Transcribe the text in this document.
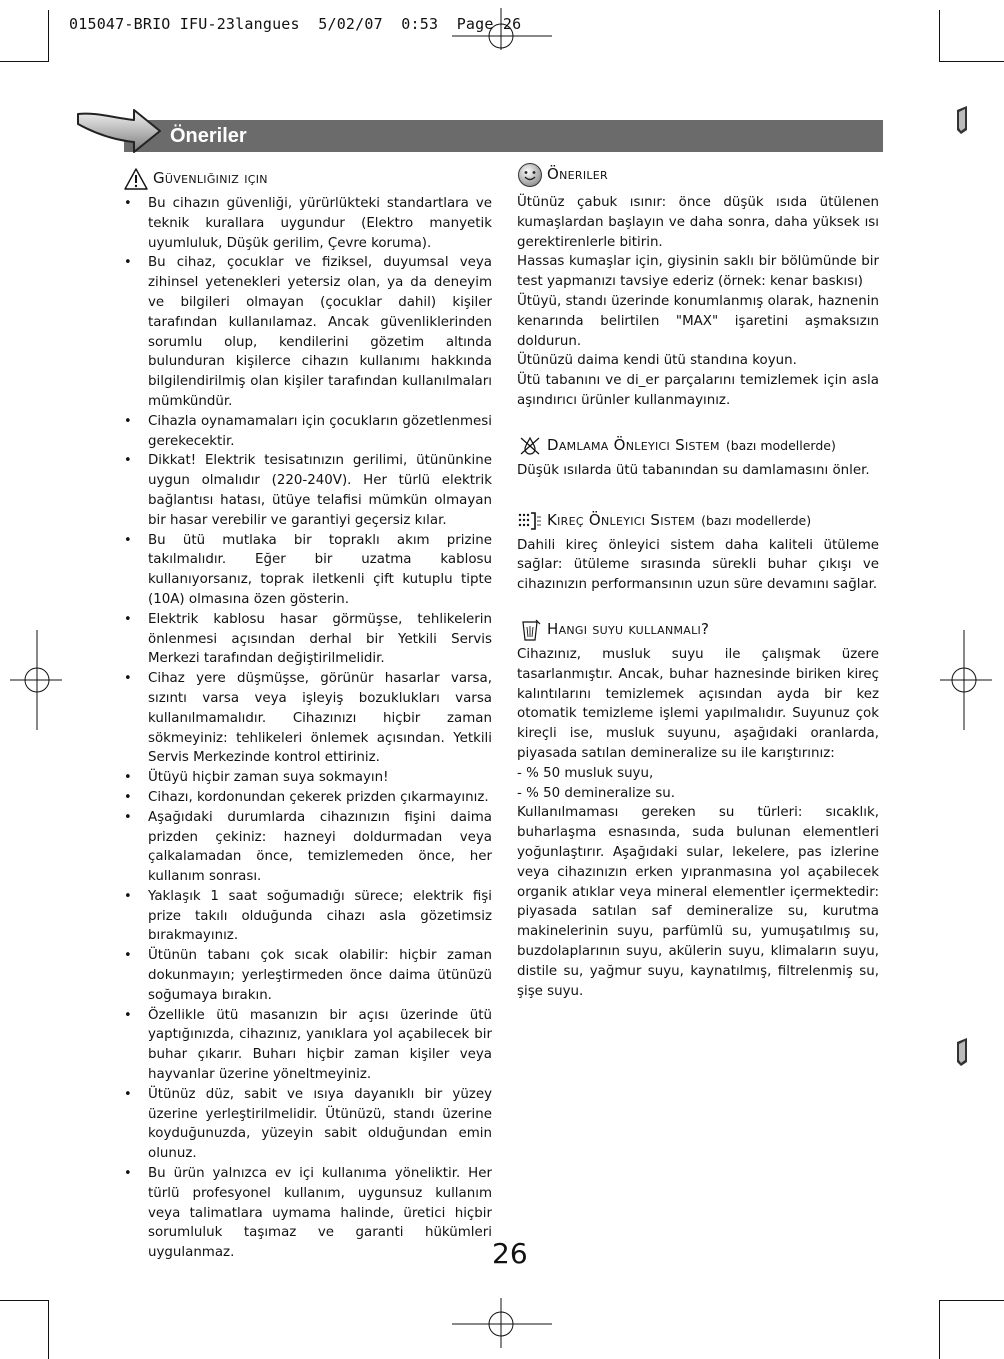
015047-BRIO IFU-23langues  5/02/07  0:53  Page 26
Öneriler
Güvenliğiniz için
• Bu cihazın güvenliği, yürürlükteki standartlara ve teknik kurallara uygundur (Elektro manyetik uyumluluk, Düşük gerilim, Çevre koruma).
• Bu cihaz, çocuklar ve fiziksel, duyumsal veya zihinsel yetenekleri yetersiz olan, ya da deneyim ve bilgileri olmayan (çocuklar dahil) kişiler tarafından kullanılamaz. Ancak güvenliklerinden sorumlu olup, kendilerini gözetim altında bulunduran kişilerce cihazın kullanımı hakkında bilgilendirilmiş olan kişiler tarafından kullanılmaları mümkündür.
• Cihazla oynamamaları için çocukların gözetlenmesi gerekecektir.
• Dikkat! Elektrik tesisatınızın gerilimi, ütününkine uygun olmalıdır (220-240V). Her türlü elektrik bağlantısı hatası, ütüye telafisi mümkün olmayan bir hasar verebilir ve garantiyi geçersiz kılar.
• Bu ütü mutlaka bir topraklı akım prizine takılmalıdır. Eğer bir uzatma kablosu kullanıyorsanız, toprak iletkenli çift kutuplu tipte (10A) olmasına özen gösterin.
• Elektrik kablosu hasar görmüşse, tehlikelerin önlenmesi açısından derhal bir Yetkili Servis Merkezi tarafından değiştirilmelidir.
• Cihaz yere düşmüşse, görünür hasarlar varsa, sızıntı varsa veya işleyiş bozuklukları varsa kullanılmamalıdır. Cihazınızı hiçbir zaman sökmeyiniz: tehlikeleri önlemek açısından. Yetkili Servis Merkezinde kontrol ettiriniz.
• Ütüyü hiçbir zaman suya sokmayın!
• Cihazı, kordonundan çekerek prizden çıkarmayınız.
• Aşağıdaki durumlarda cihazınızın fişini daima prizden çekiniz: hazneyi doldurmadan veya çalkalamadan önce, temizlemeden önce, her kullanım sonrası.
• Yaklaşık 1 saat soğumadığı sürece; elektrik fişi prize takılı olduğunda cihazı asla gözetimsiz bırakmayınız.
• Ütünün tabanı çok sıcak olabilir: hiçbir zaman dokunmayın; yerleştirmeden önce daima ütünüzü soğumaya bırakın.
• Özellikle ütü masanızın bir açısı üzerinde ütü yaptığınızda, cihazınız, yanıklara yol açabilecek bir buhar çıkarır. Buharı hiçbir zaman kişiler veya hayvanlar üzerine yöneltmeyiniz.
• Ütünüz düz, sabit ve ısıya dayanıklı bir yüzey üzerine yerleştirilmelidir. Ütünüzü, standı üzerine koyduğunuzda, yüzeyin sabit olduğundan emin olunuz.
• Bu ürün yalnızca ev içi kullanıma yöneliktir. Her türlü profesyonel kullanım, uygunsuz kullanım veya talimatlara uymama halinde, üretici hiçbir sorumluluk taşımaz ve garanti hükümleri uygulanmaz.
Öneriler

Ütünüz çabuk ısınır: önce düşük ısıda ütülenen kumaşlardan başlayın ve daha sonra, daha yüksek ısı gerektirenlerle bitirin.

Hassas kumaşlar için, giysinin saklı bir bölümünde bir test yapmanızı tavsiye ederiz (örnek: kenar baskısı)

Ütüyü, standı üzerinde konumlanmış olarak, haznenin kenarında belirtilen "MAX" işaretini aşmaksızın doldurun.

Ütünüzü daima kendi ütü standına koyun.

Ütü tabanını ve di_er parçalarını temizlemek için asla aşındırıcı ürünler kullanmayınız.

Damlama Önleyici Sistem (bazı modellerde)

Düşük ısılarda ütü tabanından su damlamasını önler.

Kireç Önleyici Sistem (bazı modellerde)

Dahili kireç önleyici sistem daha kaliteli ütüleme sağlar: ütüleme sırasında sürekli buhar çıkışı ve cihazınızın performansının uzun süre devamını sağlar.

Hangi suyu kullanmalı?

Cihazınız, musluk suyu ile çalışmak üzere tasarlanmıştır. Ancak, buhar haznesinde biriken kireç kalıntılarını temizlemek açısından ayda bir kez otomatik temizleme işlemi yapılmalıdır. Suyunuz çok kireçli ise, musluk suyunu, aşağıdaki oranlarda, piyasada satılan demineralize su ile karıştırınız:

- % 50 musluk suyu,

- % 50 demineralize su.

Kullanılmaması gereken su türleri: sıcaklık, buharlaşma esnasında, suda bulunan elementleri yoğunlaştırır. Aşağıdaki sular, lekelere, pas izlerine veya cihazınızın erken yıpranmasına yol açabilecek organik atıklar veya mineral elementler içermektedir: piyasada satılan saf demineralize su, kurutma makinelerinin suyu, parfümlü su, yumuşatılmış su, buzdolaplarının suyu, akülerin suyu, klimaların suyu, distile su, yağmur suyu, kaynatılmış, filtrelenmiş su, şişe suyu.

26
